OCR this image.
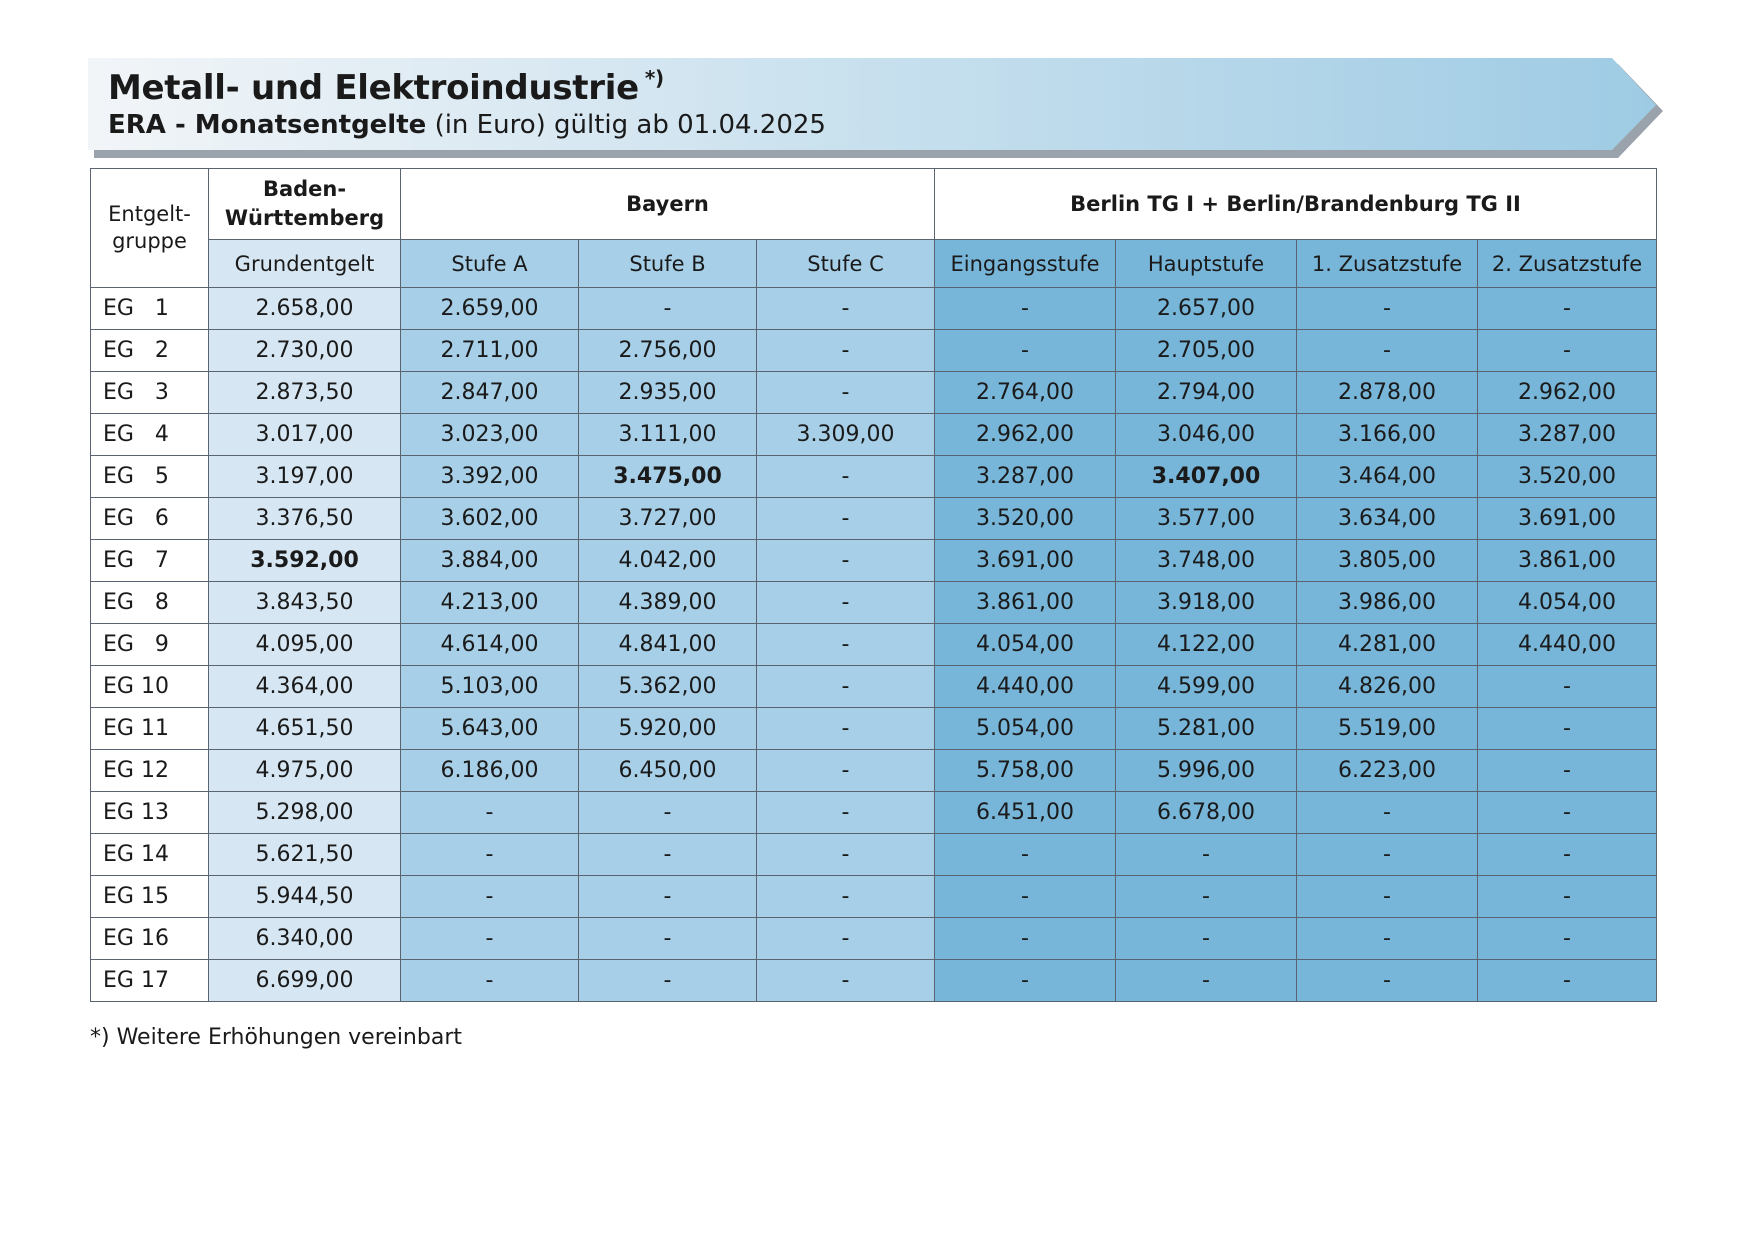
Metall- und Elektroindustrie *)
ERA - Monatsentgelte (in Euro) gültig ab 01.04.2025
Entgelt-gruppe	Baden-Württemberg	Bayern			Berlin TG I + Berlin/Brandenburg TG II			
	Grundentgelt	Stufe A	Stufe B	Stufe C	Eingangsstufe	Hauptstufe	1. Zusatzstufe	2. Zusatzstufe
EG   1	2.658,00	2.659,00	-	-	-	2.657,00	-	-
EG   2	2.730,00	2.711,00	2.756,00	-	-	2.705,00	-	-
EG   3	2.873,50	2.847,00	2.935,00	-	2.764,00	2.794,00	2.878,00	2.962,00
EG   4	3.017,00	3.023,00	3.111,00	3.309,00	2.962,00	3.046,00	3.166,00	3.287,00
EG   5	3.197,00	3.392,00	3.475,00	-	3.287,00	3.407,00	3.464,00	3.520,00
EG   6	3.376,50	3.602,00	3.727,00	-	3.520,00	3.577,00	3.634,00	3.691,00
EG   7	3.592,00	3.884,00	4.042,00	-	3.691,00	3.748,00	3.805,00	3.861,00
EG   8	3.843,50	4.213,00	4.389,00	-	3.861,00	3.918,00	3.986,00	4.054,00
EG   9	4.095,00	4.614,00	4.841,00	-	4.054,00	4.122,00	4.281,00	4.440,00
EG 10	4.364,00	5.103,00	5.362,00	-	4.440,00	4.599,00	4.826,00	-
EG 11	4.651,50	5.643,00	5.920,00	-	5.054,00	5.281,00	5.519,00	-
EG 12	4.975,00	6.186,00	6.450,00	-	5.758,00	5.996,00	6.223,00	-
EG 13	5.298,00	-	-	-	6.451,00	6.678,00	-	-
EG 14	5.621,50	-	-	-	-	-	-	-
EG 15	5.944,50	-	-	-	-	-	-	-
EG 16	6.340,00	-	-	-	-	-	-	-
EG 17	6.699,00	-	-	-	-	-	-	-
*) Weitere Erhöhungen vereinbart
